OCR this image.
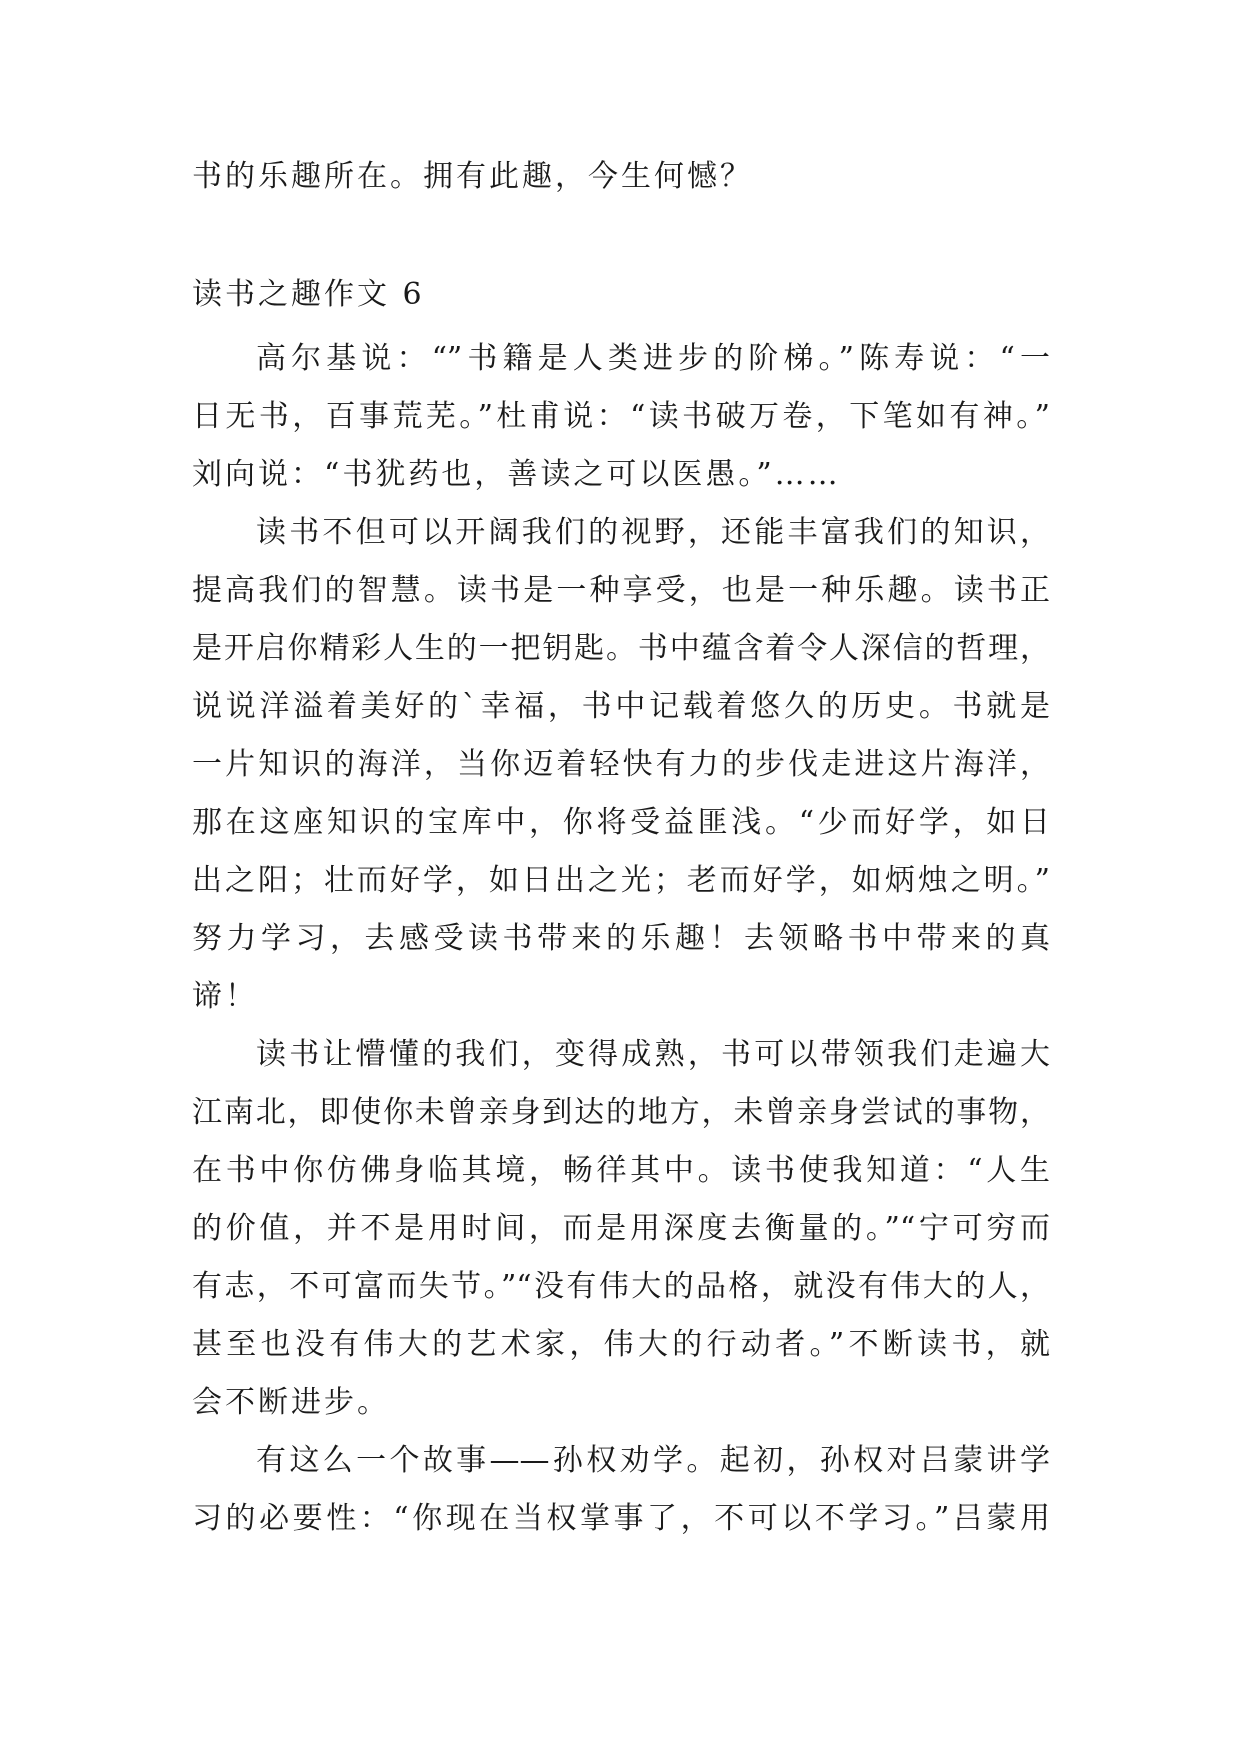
书的乐趣所在。拥有此趣，今生何憾？
读书之趣作文 6
高尔基说：“”书籍是人类进步的阶梯。”陈寿说：“一
日无书，百事荒芜。”杜甫说：“读书破万卷，下笔如有神。”
刘向说：“书犹药也，善读之可以医愚。”……
读书不但可以开阔我们的视野，还能丰富我们的知识，
提高我们的智慧。读书是一种享受，也是一种乐趣。读书正
是开启你精彩人生的一把钥匙。书中蕴含着令人深信的哲理，
说说洋溢着美好的`幸福，书中记载着悠久的历史。书就是
一片知识的海洋，当你迈着轻快有力的步伐走进这片海洋，
那在这座知识的宝库中，你将受益匪浅。“少而好学，如日
出之阳；壮而好学，如日出之光；老而好学，如炳烛之明。”
努力学习，去感受读书带来的乐趣！去领略书中带来的真
谛！
读书让懵懂的我们，变得成熟，书可以带领我们走遍大
江南北，即使你未曾亲身到达的地方，未曾亲身尝试的事物，
在书中你仿佛身临其境，畅徉其中。读书使我知道：“人生
的价值，并不是用时间，而是用深度去衡量的。”“宁可穷而
有志，不可富而失节。”“没有伟大的品格，就没有伟大的人，
甚至也没有伟大的艺术家，伟大的行动者。”不断读书，就
会不断进步。
有这么一个故事——孙权劝学。起初，孙权对吕蒙讲学
习的必要性：“你现在当权掌事了，不可以不学习。”吕蒙用
